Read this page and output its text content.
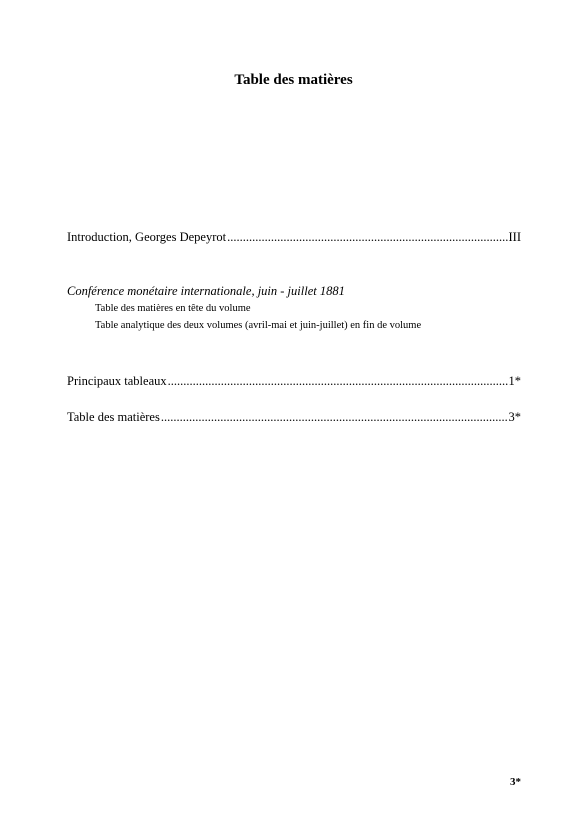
Table des matières
Introduction, Georges Depeyrot .....	III
Conférence monétaire internationale, juin - juillet 1881
Table des matières en tête du volume
Table analytique des deux volumes (avril-mai et juin-juillet) en fin de volume
Principaux tableaux .....	1*
Table des matières .....	3*
3*
